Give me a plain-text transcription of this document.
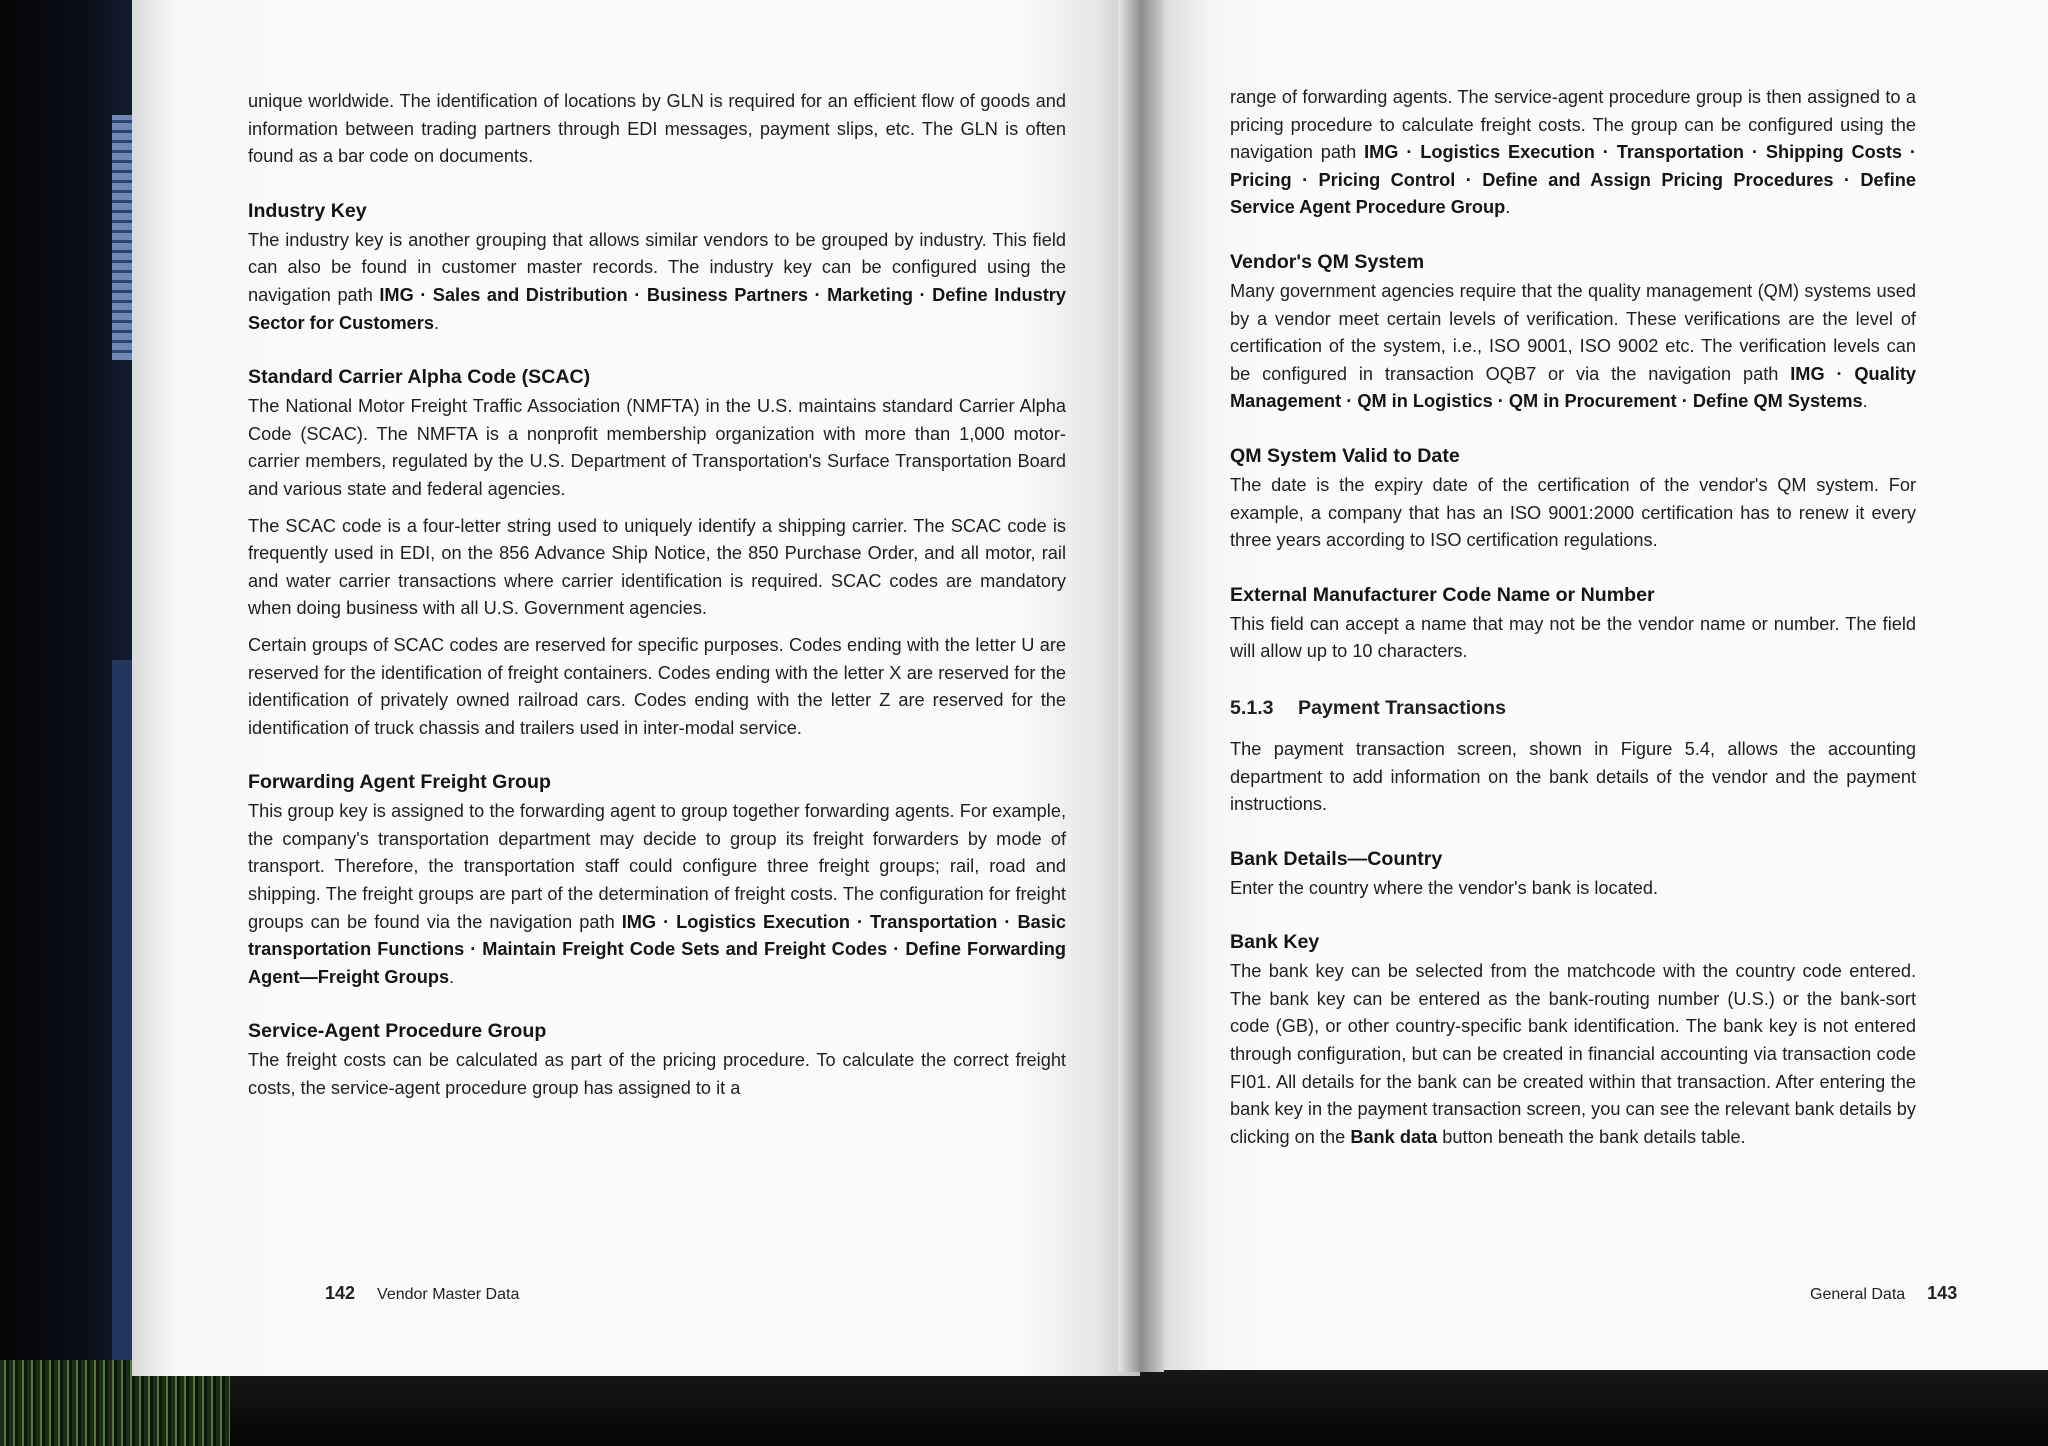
unique worldwide. The identification of locations by GLN is required for an efficient flow of goods and information between trading partners through EDI messages, payment slips, etc. The GLN is often found as a bar code on documents.

Industry Key

The industry key is another grouping that allows similar vendors to be grouped by industry. This field can also be found in customer master records. The industry key can be configured using the navigation path IMG · Sales and Distribution · Business Partners · Marketing · Define Industry Sector for Customers.

Standard Carrier Alpha Code (SCAC)

The National Motor Freight Traffic Association (NMFTA) in the U.S. maintains standard Carrier Alpha Code (SCAC). The NMFTA is a nonprofit membership organization with more than 1,000 motor-carrier members, regulated by the U.S. Department of Transportation's Surface Transportation Board and various state and federal agencies.

The SCAC code is a four-letter string used to uniquely identify a shipping carrier. The SCAC code is frequently used in EDI, on the 856 Advance Ship Notice, the 850 Purchase Order, and all motor, rail and water carrier transactions where carrier identification is required. SCAC codes are mandatory when doing business with all U.S. Government agencies.

Certain groups of SCAC codes are reserved for specific purposes. Codes ending with the letter U are reserved for the identification of freight containers. Codes ending with the letter X are reserved for the identification of privately owned railroad cars. Codes ending with the letter Z are reserved for the identification of truck chassis and trailers used in inter-modal service.

Forwarding Agent Freight Group

This group key is assigned to the forwarding agent to group together forwarding agents. For example, the company's transportation department may decide to group its freight forwarders by mode of transport. Therefore, the transportation staff could configure three freight groups; rail, road and shipping. The freight groups are part of the determination of freight costs. The configuration for freight groups can be found via the navigation path IMG · Logistics Execution · Transportation · Basic transportation Functions · Maintain Freight Code Sets and Freight Codes · Define Forwarding Agent—Freight Groups.

Service-Agent Procedure Group

The freight costs can be calculated as part of the pricing procedure. To calculate the correct freight costs, the service-agent procedure group has assigned to it a

142 Vendor Master Data

range of forwarding agents. The service-agent procedure group is then assigned to a pricing procedure to calculate freight costs. The group can be configured using the navigation path IMG · Logistics Execution · Transportation · Shipping Costs · Pricing · Pricing Control · Define and Assign Pricing Procedures · Define Service Agent Procedure Group.

Vendor's QM System

Many government agencies require that the quality management (QM) systems used by a vendor meet certain levels of verification. These verifications are the level of certification of the system, i.e., ISO 9001, ISO 9002 etc. The verification levels can be configured in transaction OQB7 or via the navigation path IMG · Quality Management · QM in Logistics · QM in Procurement · Define QM Systems.

QM System Valid to Date

The date is the expiry date of the certification of the vendor's QM system. For example, a company that has an ISO 9001:2000 certification has to renew it every three years according to ISO certification regulations.

External Manufacturer Code Name or Number

This field can accept a name that may not be the vendor name or number. The field will allow up to 10 characters.

5.1.3 Payment Transactions

The payment transaction screen, shown in Figure 5.4, allows the accounting department to add information on the bank details of the vendor and the payment instructions.

Bank Details—Country

Enter the country where the vendor's bank is located.

Bank Key

The bank key can be selected from the matchcode with the country code entered. The bank key can be entered as the bank-routing number (U.S.) or the bank-sort code (GB), or other country-specific bank identification. The bank key is not entered through configuration, but can be created in financial accounting via transaction code FI01. All details for the bank can be created within that transaction. After entering the bank key in the payment transaction screen, you can see the relevant bank details by clicking on the Bank data button beneath the bank details table.

General Data 143
